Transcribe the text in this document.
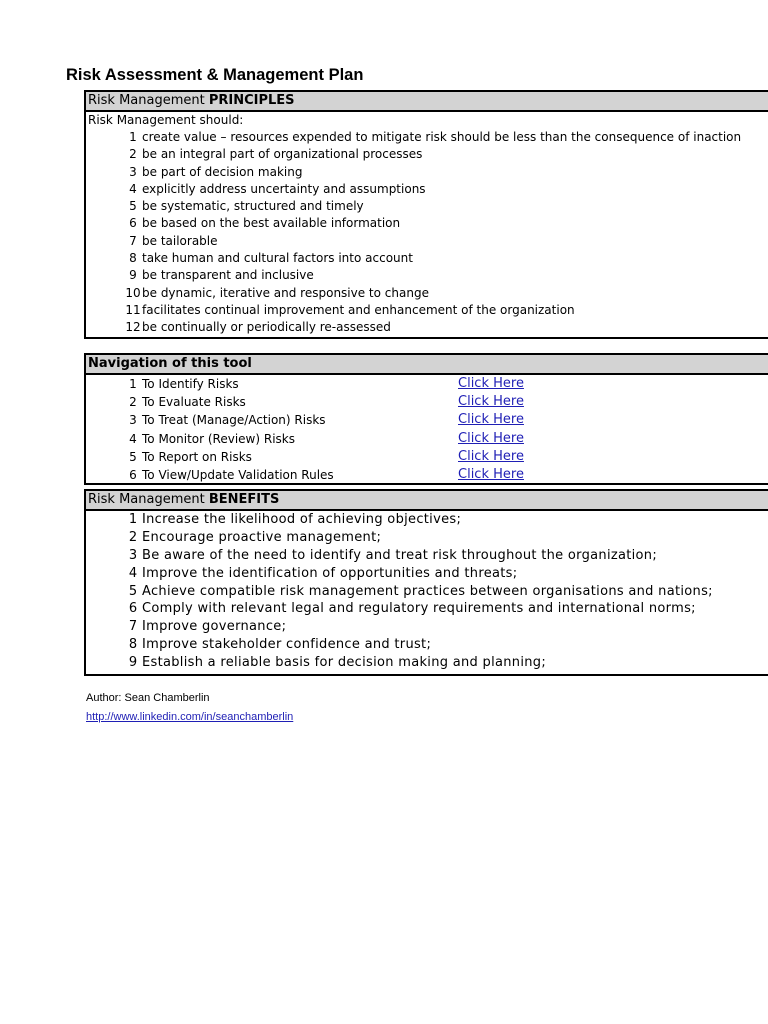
Risk Assessment & Management Plan
Risk Management PRINCIPLES
Risk Management should:
1 create value – resources expended to mitigate risk should be less than the consequence of inaction
2 be an integral part of organizational processes
3 be part of decision making
4 explicitly address uncertainty and assumptions
5 be systematic, structured and timely
6 be based on the best available information
7 be tailorable
8 take human and cultural factors into account
9 be transparent and inclusive
10 be dynamic, iterative and responsive to change
11 facilitates continual improvement and enhancement of the organization
12 be continually or periodically re-assessed
Navigation of this tool
1 To Identify Risks	Click Here
2 To Evaluate Risks	Click Here
3 To Treat (Manage/Action) Risks	Click Here
4 To Monitor (Review) Risks	Click Here
5 To Report on Risks	Click Here
6 To View/Update Validation Rules	Click Here
Risk Management BENEFITS
1 Increase the likelihood of achieving objectives;
2 Encourage proactive management;
3 Be aware of the need to identify and treat risk throughout the organization;
4 Improve the identification of opportunities and threats;
5 Achieve compatible risk management practices between organisations and nations;
6 Comply with relevant legal and regulatory requirements and international norms;
7 Improve governance;
8 Improve stakeholder confidence and trust;
9 Establish a reliable basis for decision making and planning;
Author: Sean Chamberlin
http://www.linkedin.com/in/seanchamberlin
